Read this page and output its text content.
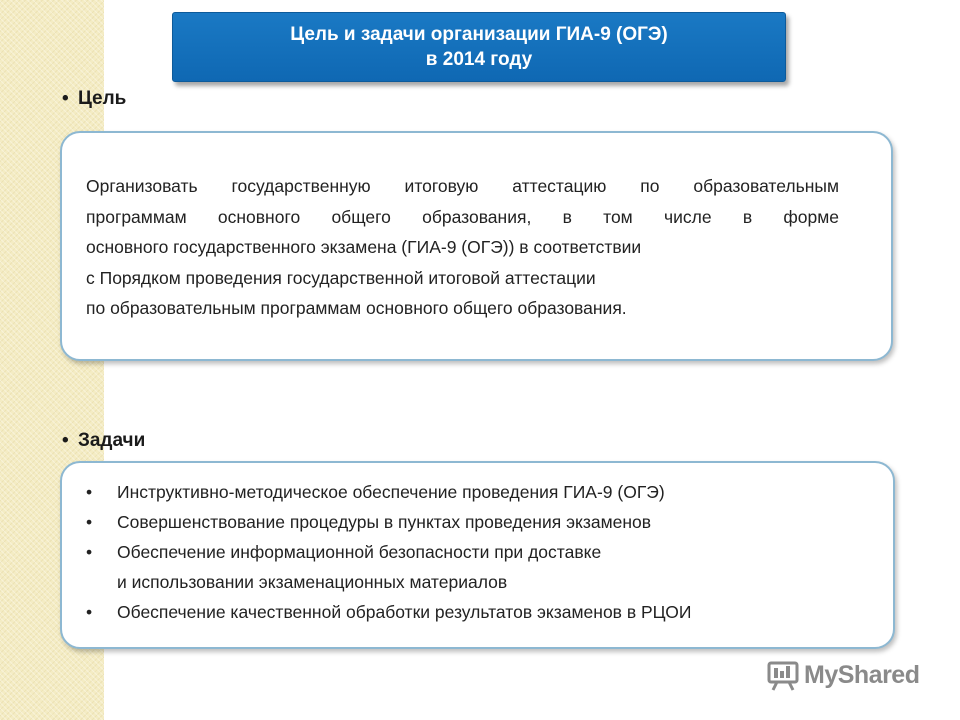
Цель и задачи организации ГИА-9 (ОГЭ)
в 2014 году
• Цель
Организовать государственную итоговую аттестацию по образовательным
программам основного общего образования, в том числе в форме
основного государственного экзамена (ГИА-9 (ОГЭ)) в соответствии
с Порядком проведения государственной итоговой аттестации
по образовательным программам основного общего образования.
• Задачи
• Инструктивно-методическое обеспечение проведения ГИА-9 (ОГЭ)
• Совершенствование процедуры в пунктах проведения экзаменов
• Обеспечение информационной безопасности при доставке
и использовании экзаменационных материалов
• Обеспечение качественной обработки результатов экзаменов в РЦОИ
MyShared
